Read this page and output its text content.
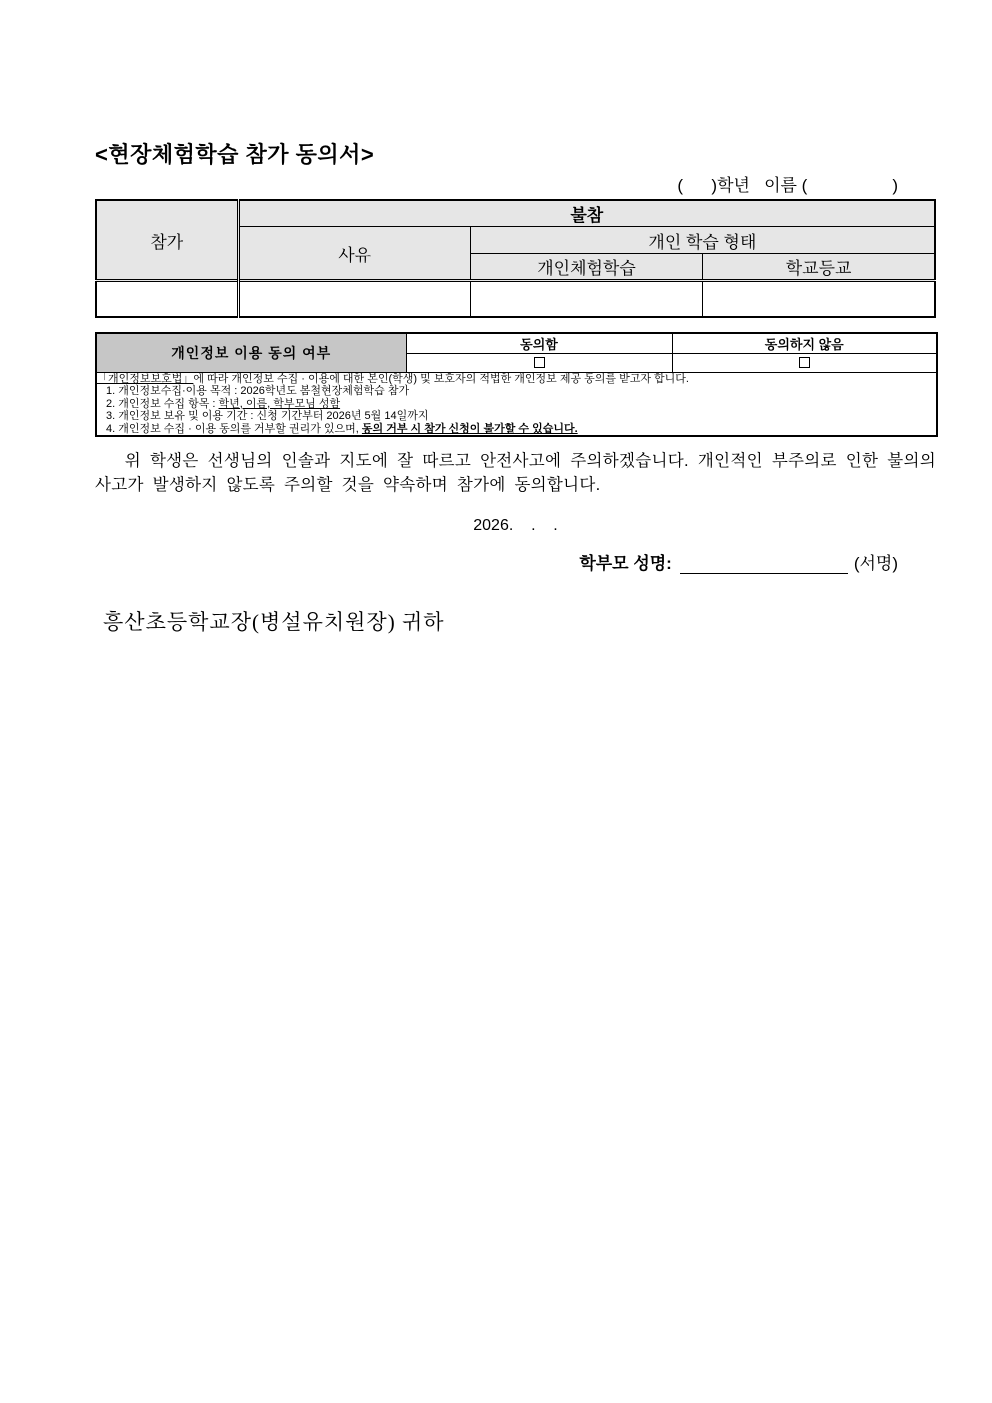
<현장체험학습 참가 동의서>
(      )학년   이름 (                  )
참가	불참		
	사유	개인 학습 형태	
		개인체험학습	학교등교

개인정보 이용 동의 여부	동의함	동의하지 않음

「개인정보보호법」에 따라 개인정보 수집 · 이용에 대한 본인(학생) 및 보호자의 적법한 개인정보 제공 동의를 받고자 합니다.
1. 개인정보수집·이용 목적 : 2026학년도 봄철현장체험학습 참가
2. 개인정보 수집 항목 : 학년, 이름, 학부모님 성함
3. 개인정보 보유 및 이용 기간 : 신청 기간부터 2026년 5월 14일까지
4. 개인정보 수집 · 이용 동의를 거부할 권리가 있으며, 동의 거부 시 참가 신청이 불가할 수 있습니다.		
위 학생은 선생님의 인솔과 지도에 잘 따르고 안전사고에 주의하겠습니다. 개인적인 부주의로 인한 불의의 사고가 발생하지 않도록 주의할 것을 약속하며 참가에 동의합니다.
2026.    .    .
학부모 성명:	(서명)
흥산초등학교장(병설유치원장) 귀하
